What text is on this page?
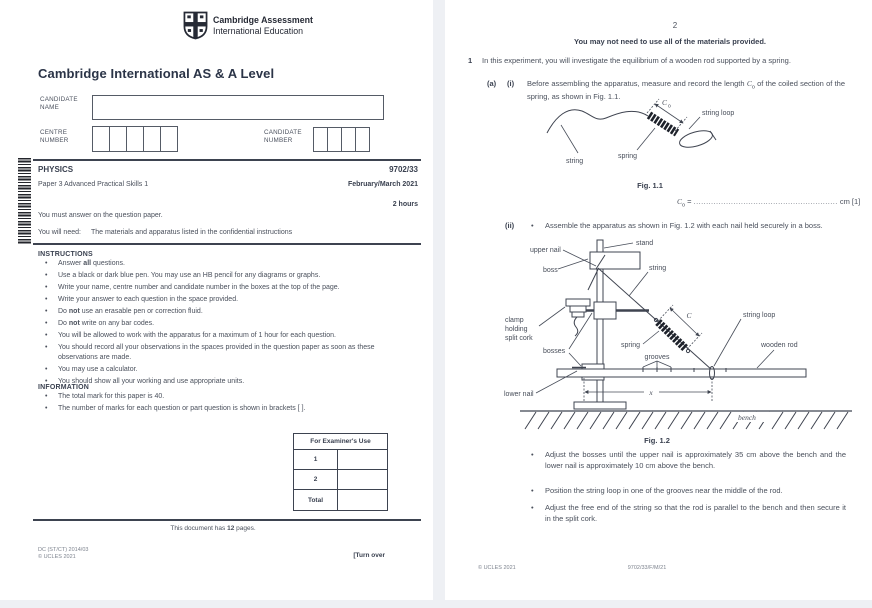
Cambridge Assessment
International Education
Cambridge International AS & A Level
CANDIDATE NAME
CENTRE NUMBER
CANDIDATE NUMBER
PHYSICS	9702/33
Paper 3 Advanced Practical Skills 1	February/March 2021
2 hours
You must answer on the question paper.
You will need: The materials and apparatus listed in the confidential instructions
INSTRUCTIONS
• Answer all questions.
• Use a black or dark blue pen. You may use an HB pencil for any diagrams or graphs.
• Write your name, centre number and candidate number in the boxes at the top of the page.
• Write your answer to each question in the space provided.
• Do not use an erasable pen or correction fluid.
• Do not write on any bar codes.
• You will be allowed to work with the apparatus for a maximum of 1 hour for each question.
• You should record all your observations in the spaces provided in the question paper as soon as these observations are made.
• You may use a calculator.
• You should show all your working and use appropriate units.
INFORMATION
• The total mark for this paper is 40.
• The number of marks for each question or part question is shown in brackets [ ].
For Examiner's Use
1
2
Total
This document has 12 pages.
DC (ST/CT) 2014/03
© UCLES 2021	[Turn over
2
You may not need to use all of the materials provided.
1 In this experiment, you will investigate the equilibrium of a wooden rod supported by a spring.
(a) (i) Before assembling the apparatus, measure and record the length $C_o$ of the coiled section of the spring, as shown in Fig. 1.1.
C o
string
spring
string loop
Fig. 1.1
$C_o$ = .......................................................... cm [1]
(ii)	• Assemble the apparatus as shown in Fig. 1.2 with each nail held securely in a boss.
bench
C
x
stand
upper nail
boss	string
clamp
holding
split cork
bosses
spring
grooves
string loop
wooden rod
lower nail
Fig. 1.2
• Adjust the bosses until the upper nail is approximately 35 cm above the bench and the lower nail is approximately 10 cm above the bench.
• Position the string loop in one of the grooves near the middle of the rod.
• Adjust the free end of the string so that the rod is parallel to the bench and then secure it in the split cork.
© UCLES 2021	9702/33/F/M/21
